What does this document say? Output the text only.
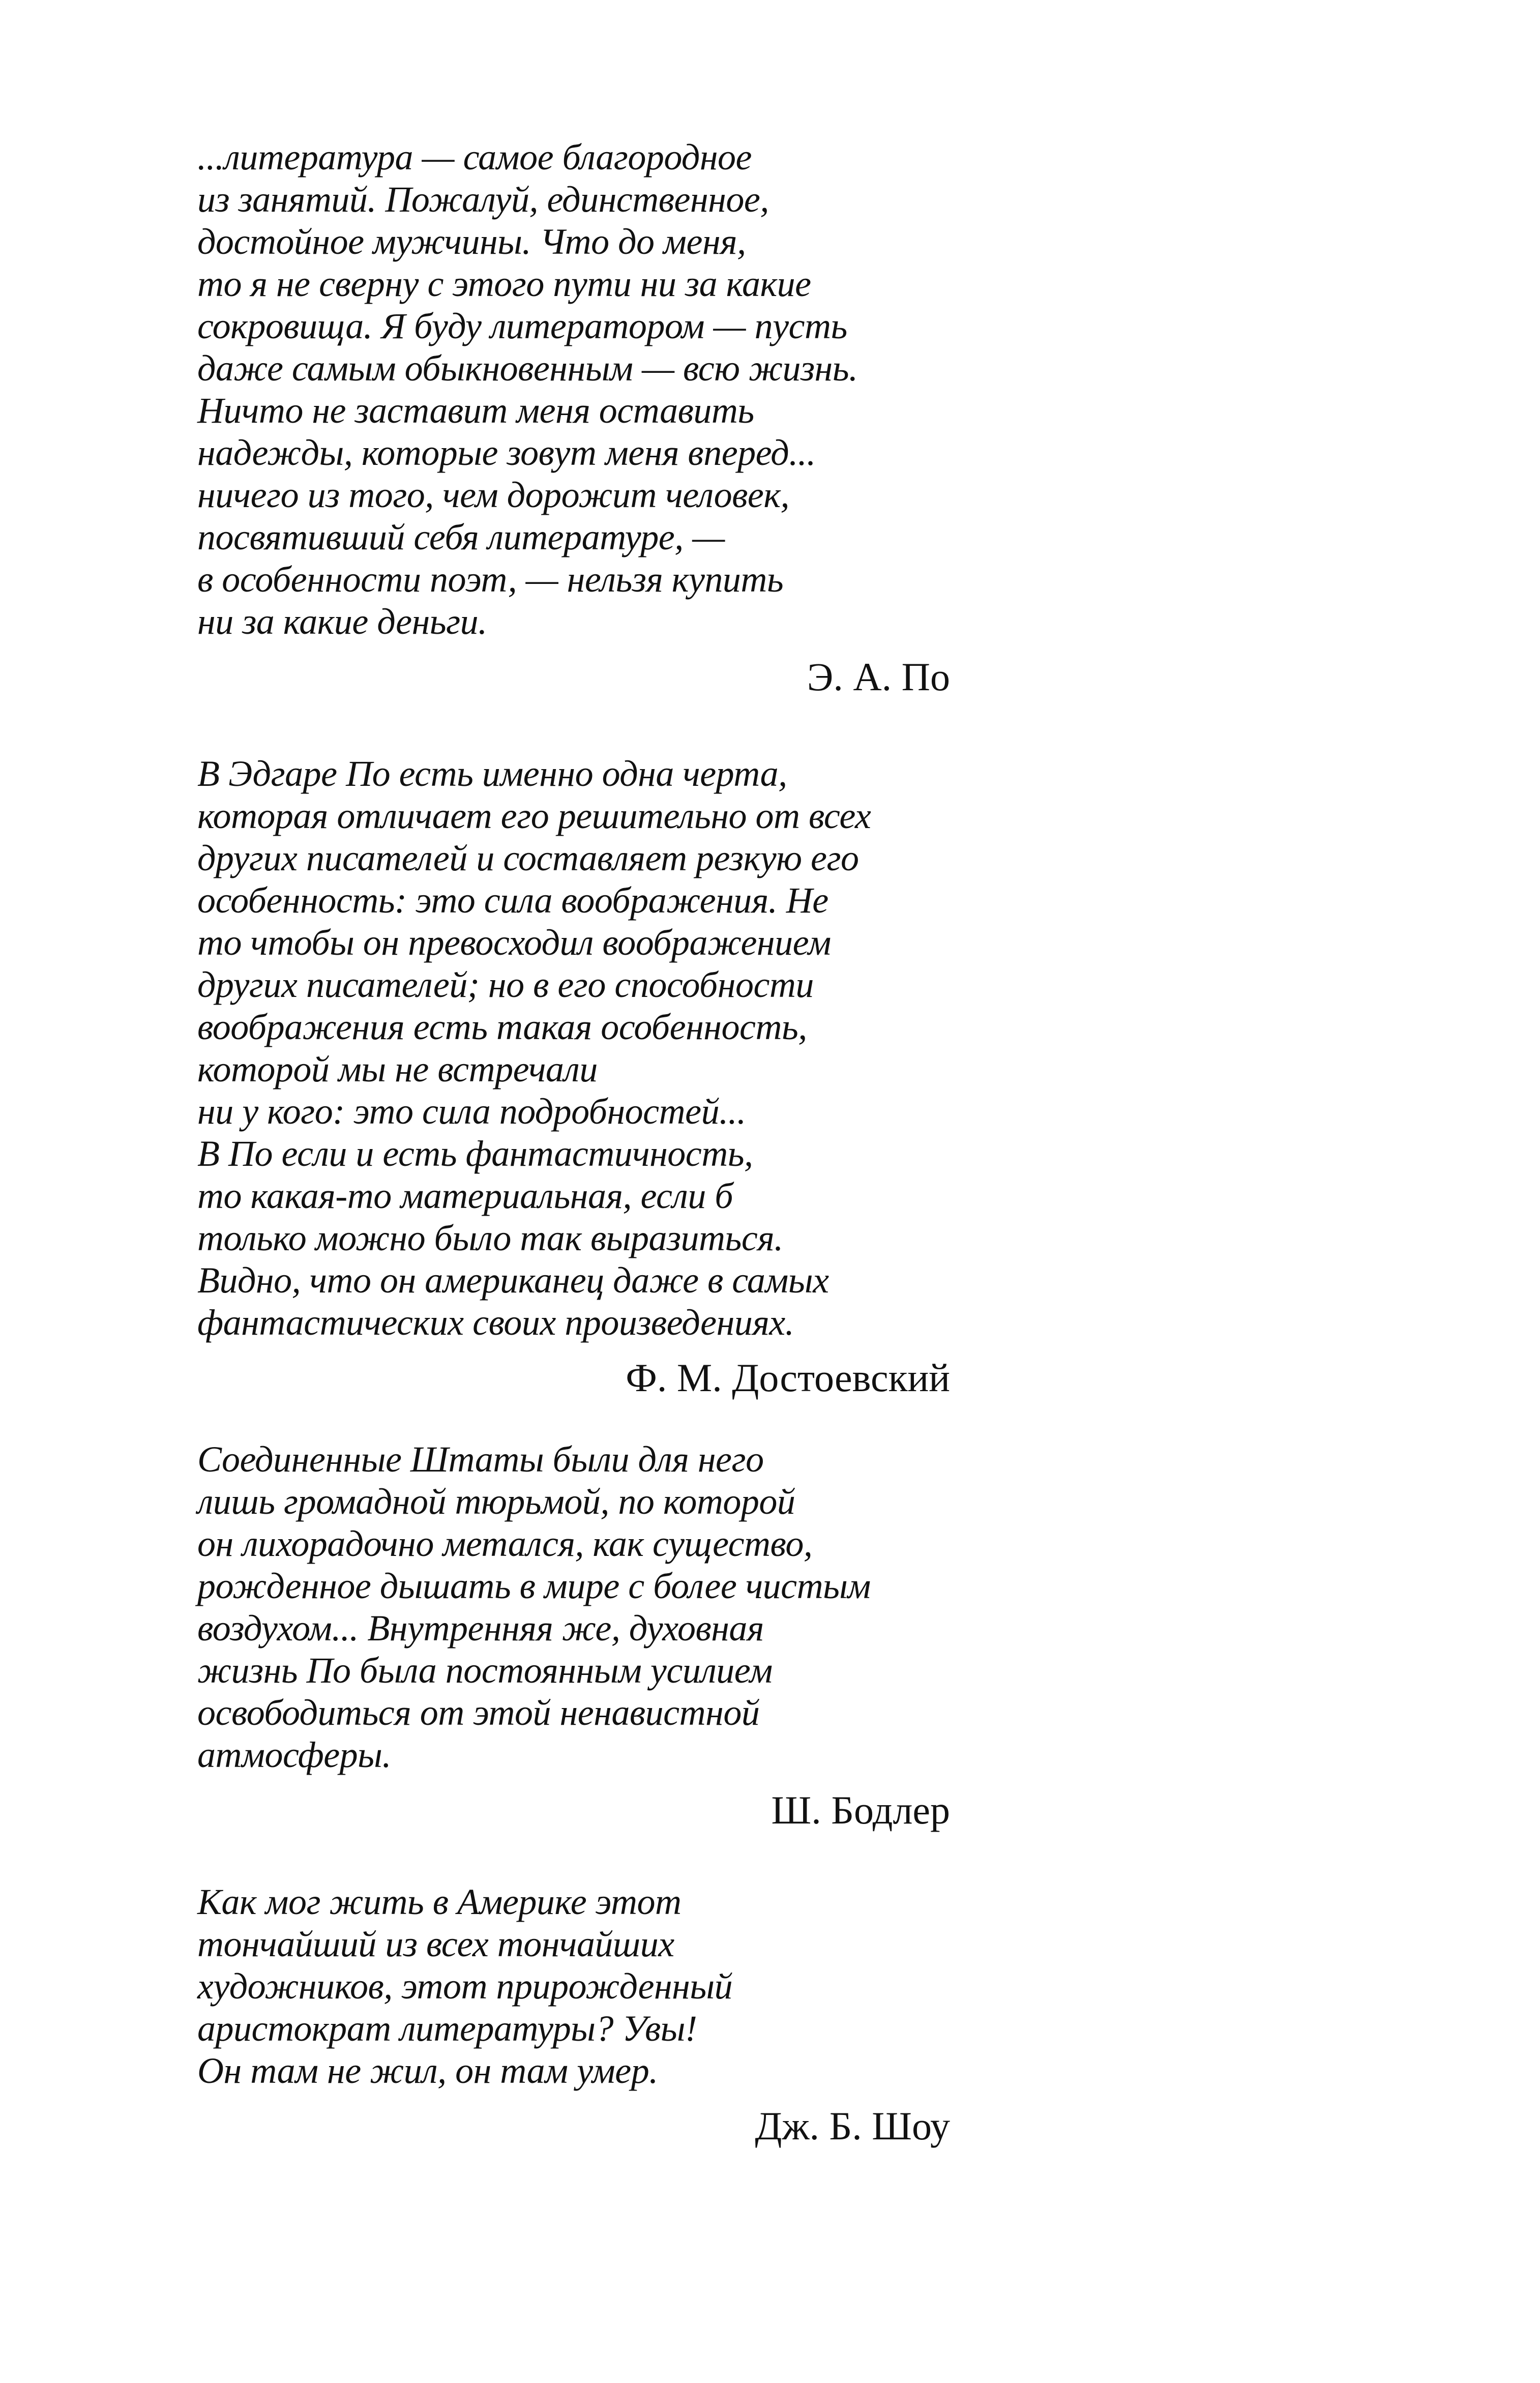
...литература — самое благородное
из занятий. Пожалуй, единственное,
достойное мужчины. Что до меня,
то я не сверну с этого пути ни за какие
сокровища. Я буду литератором — пусть
даже самым обыкновенным — всю жизнь.
Ничто не заставит меня оставить
надежды, которые зовут меня вперед...
ничего из того, чем дорожит человек,
посвятивший себя литературе, —
в особенности поэт, — нельзя купить
ни за какие деньги.
Э. А. По
В Эдгаре По есть именно одна черта,
которая отличает его решительно от всех
других писателей и составляет резкую его
особенность: это сила воображения. Не
то чтобы он превосходил воображением
других писателей; но в его способности
воображения есть такая особенность,
которой мы не встречали
ни у кого: это сила подробностей...
В По если и есть фантастичность,
то какая-то материальная, если б
только можно было так выразиться.
Видно, что он американец даже в самых
фантастических своих произведениях.
Ф. М. Достоевский
Соединенные Штаты были для него
лишь громадной тюрьмой, по которой
он лихорадочно метался, как существо,
рожденное дышать в мире с более чистым
воздухом... Внутренняя же, духовная
жизнь По была постоянным усилием
освободиться от этой ненавистной
атмосферы.
Ш. Бодлер
Как мог жить в Америке этот
тончайший из всех тончайших
художников, этот прирожденный
аристократ литературы? Увы!
Он там не жил, он там умер.
Дж. Б. Шоу
